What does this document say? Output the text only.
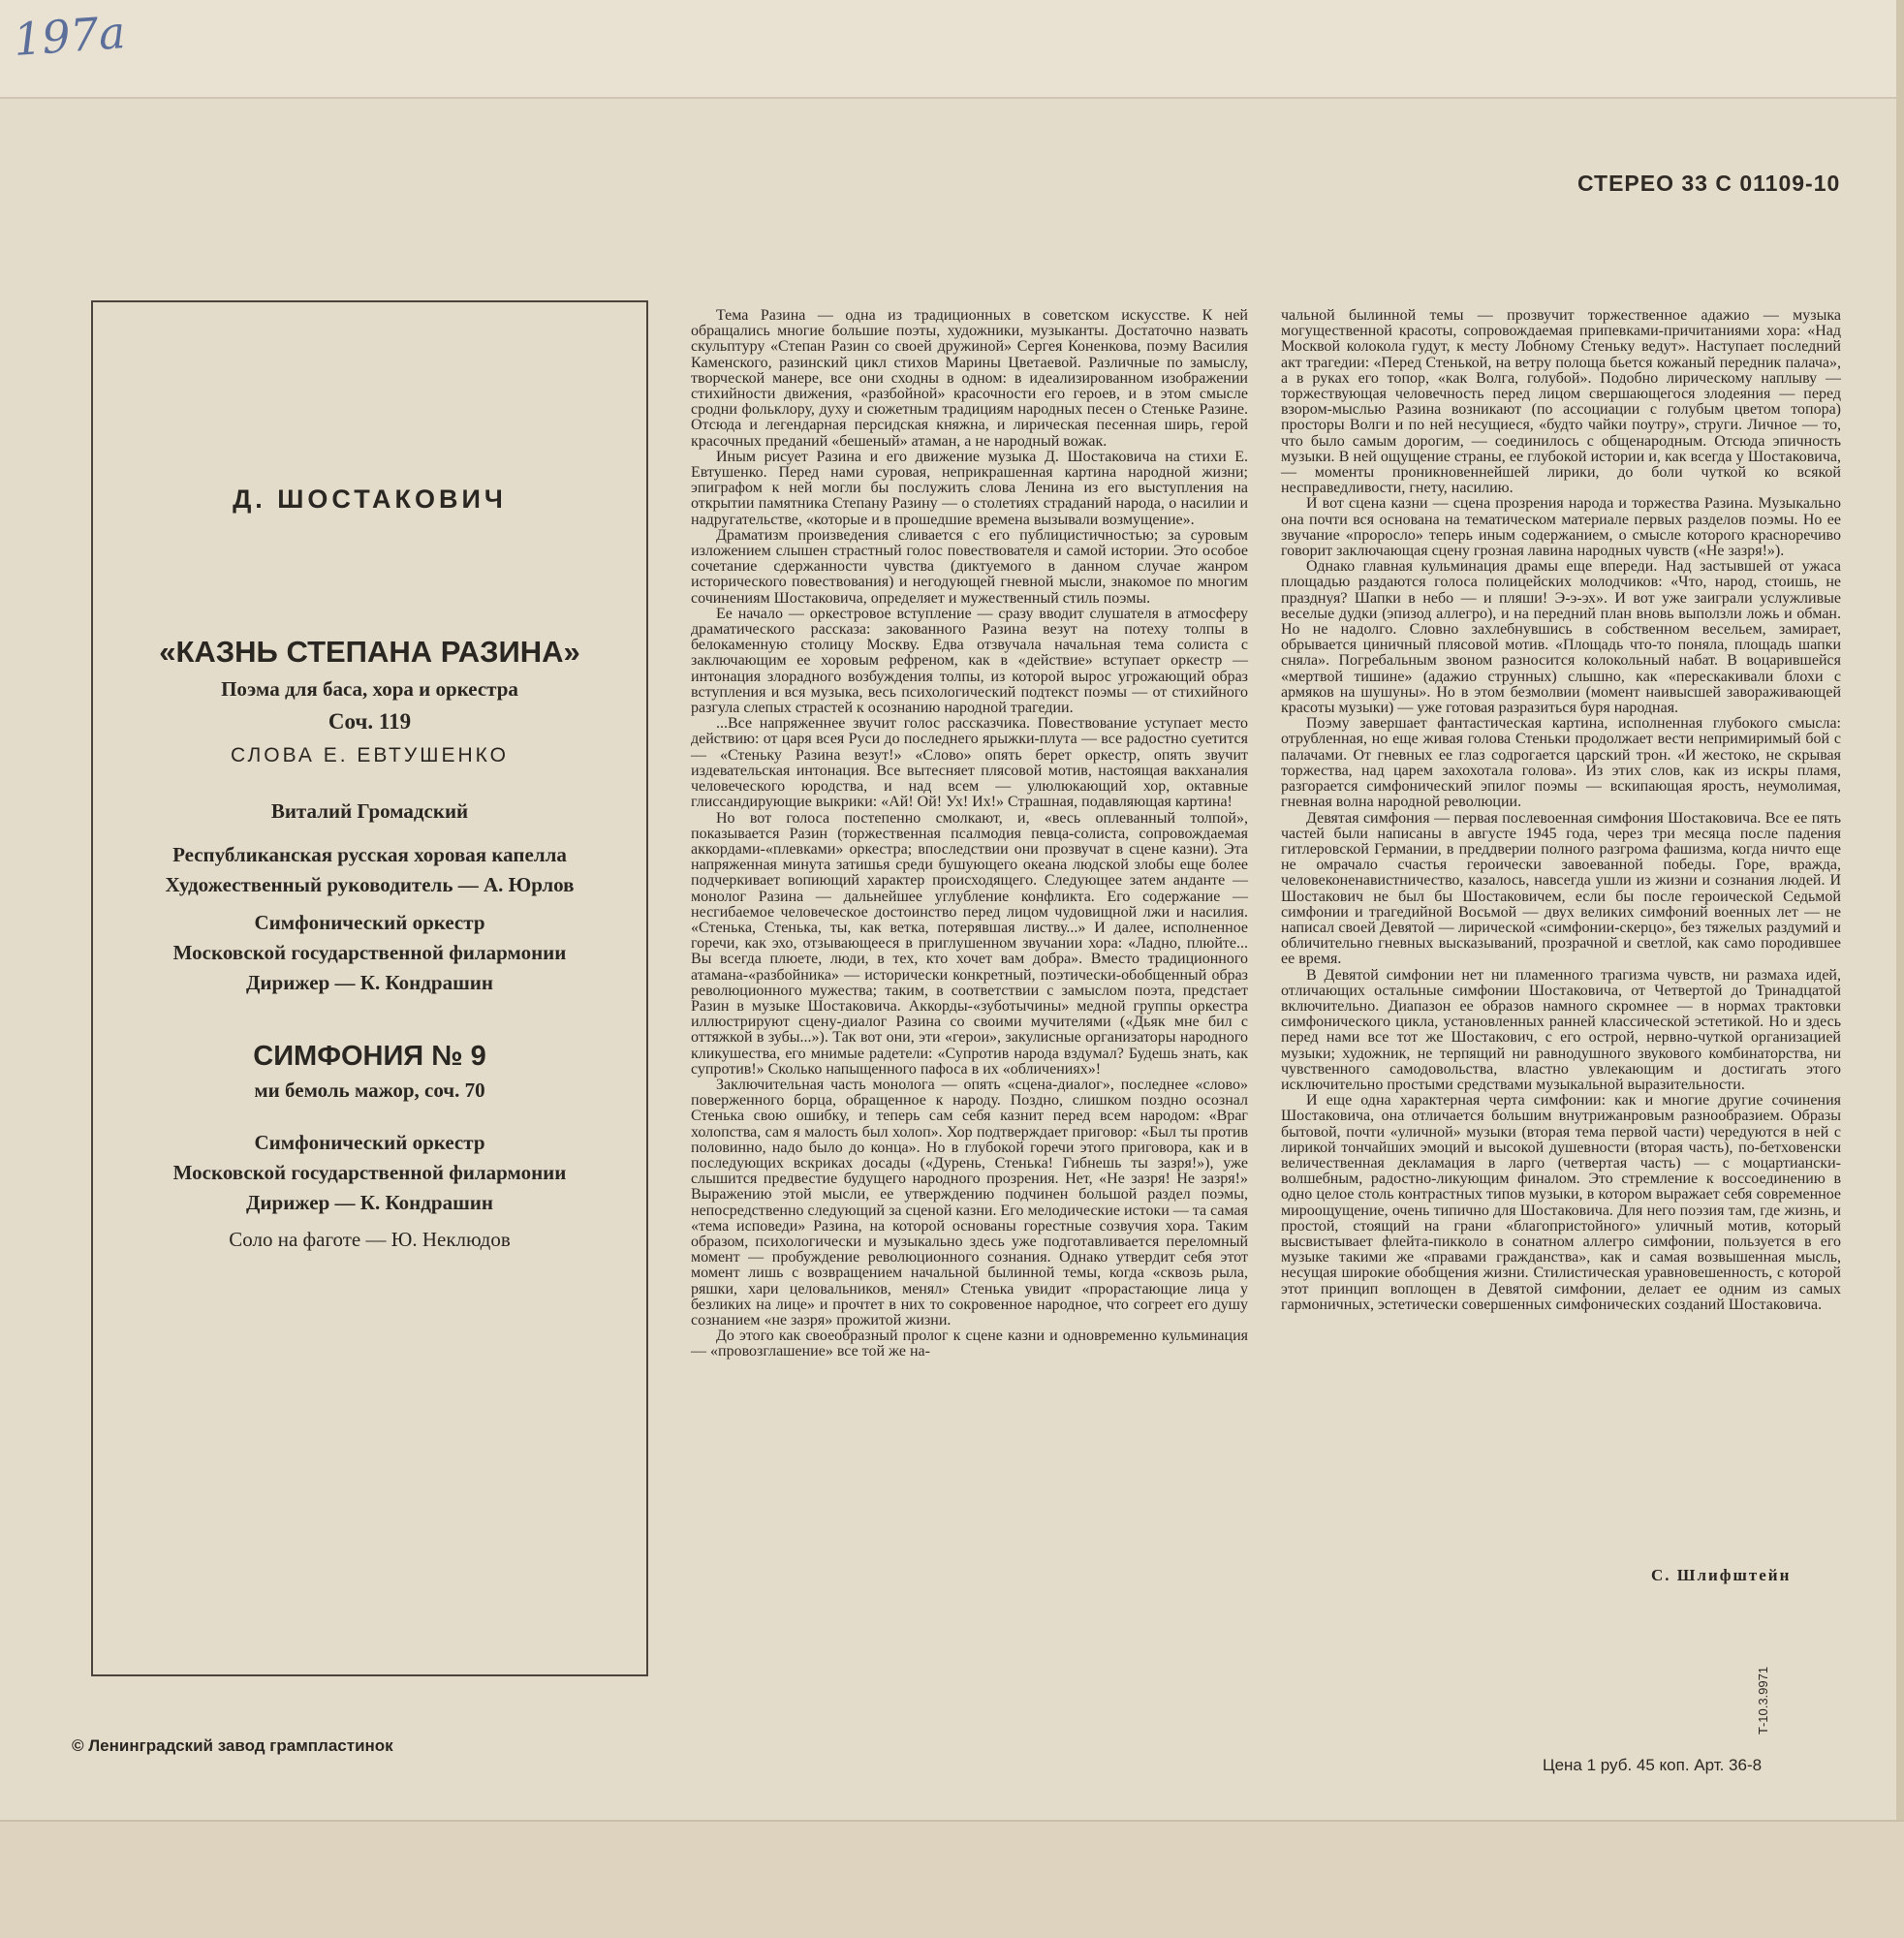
197a
СТЕРЕО 33 С 01109-10
Д. ШОСТАКОВИЧ
«КАЗНЬ СТЕПАНА РАЗИНА»
Поэма для баса, хора и оркестра
Соч. 119
СЛОВА Е. ЕВТУШЕНКО
Виталий Громадский
Республиканская русская хоровая капелла
Художественный руководитель — А. Юрлов
Симфонический оркестр
Московской государственной филармонии
Дирижер — К. Кондрашин
СИМФОНИЯ № 9
ми бемоль мажор, соч. 70
Симфонический оркестр
Московской государственной филармонии
Дирижер — К. Кондрашин
Соло на фаготе — Ю. Неклюдов

Тема Разина — одна из традиционных в советском искусстве. К ней обращались многие большие поэты, художники, музыканты. Достаточно назвать скульптуру «Степан Разин со своей дружиной» Сергея Коненкова, поэму Василия Каменского, разинский цикл стихов Марины Цветаевой. Различные по замыслу, творческой манере, все они сходны в одном: в идеализированном изображении стихийности движения, «разбойной» красочности его героев, и в этом смысле сродни фольклору, духу и сюжетным традициям народных песен о Стеньке Разине. Отсюда и легендарная персидская княжна, и лирическая песенная ширь, герой красочных преданий «бешеный» атаман, а не народный вожак.

Иным рисует Разина и его движение музыка Д. Шостаковича на стихи Е. Евтушенко. Перед нами суровая, неприкрашенная картина народной жизни; эпиграфом к ней могли бы послужить слова Ленина из его выступления на открытии памятника Степану Разину — о столетиях страданий народа, о насилии и надругательстве, «которые и в прошедшие времена вызывали возмущение».

Драматизм произведения сливается с его публицистичностью; за суровым изложением слышен страстный голос повествователя и самой истории. Это особое сочетание сдержанности чувства (диктуемого в данном случае жанром исторического повествования) и негодующей гневной мысли, знакомое по многим сочинениям Шостаковича, определяет и мужественный стиль поэмы.

Ее начало — оркестровое вступление — сразу вводит слушателя в атмосферу драматического рассказа: закованного Разина везут на потеху толпы в белокаменную столицу Москву. Едва отзвучала начальная тема солиста с заключающим ее хоровым рефреном, как в «действие» вступает оркестр — интонация злорадного возбуждения толпы, из которой вырос угрожающий образ вступления и вся музыка, весь психологический подтекст поэмы — от стихийного разгула слепых страстей к осознанию народной трагедии.

...Все напряженнее звучит голос рассказчика. Повествование уступает место действию: от царя всея Руси до последнего ярыжки-плута — все радостно суетится — «Стеньку Разина везут!» «Слово» опять берет оркестр, опять звучит издевательская интонация. Все вытесняет плясовой мотив, настоящая вакханалия человеческого юродства, и над всем — улюлюкающий хор, октавные глиссандирующие выкрики: «Ай! Ой! Ух! Их!» Страшная, подавляющая картина!

Но вот голоса постепенно смолкают, и, «весь оплеванный толпой», показывается Разин (торжественная псалмодия певца-солиста, сопровождаемая аккордами-«плевками» оркестра; впоследствии они прозвучат в сцене казни). Эта напряженная минута затишья среди бушующего океана людской злобы еще более подчеркивает вопиющий характер происходящего. Следующее затем анданте — монолог Разина — дальнейшее углубление конфликта. Его содержание — несгибаемое человеческое достоинство перед лицом чудовищной лжи и насилия. «Стенька, Стенька, ты, как ветка, потерявшая листву...» И далее, исполненное горечи, как эхо, отзывающееся в приглушенном звучании хора: «Ладно, плюйте... Вы всегда плюете, люди, в тех, кто хочет вам добра». Вместо традиционного атамана-«разбойника» — исторически конкретный, поэтически-обобщенный образ революционного мужества; таким, в соответствии с замыслом поэта, предстает Разин в музыке Шостаковича. Аккорды-«зуботычины» медной группы оркестра иллюстрируют сцену-диалог Разина со своими мучителями («Дьяк мне бил с оттяжкой в зубы...»). Так вот они, эти «герои», закулисные организаторы народного кликушества, его мнимые радетели: «Супротив народа вздумал? Будешь знать, как супротив!» Сколько напыщенного пафоса в их «обличениях»!

Заключительная часть монолога — опять «сцена-диалог», последнее «слово» поверженного борца, обращенное к народу. Поздно, слишком поздно осознал Стенька свою ошибку, и теперь сам себя казнит перед всем народом: «Враг холопства, сам я малость был холоп». Хор подтверждает приговор: «Был ты против половинно, надо было до конца». Но в глубокой горечи этого приговора, как и в последующих вскриках досады («Дурень, Стенька! Гибнешь ты зазря!»), уже слышится предвестие будущего народного прозрения. Нет, «Не зазря! Не зазря!» Выражению этой мысли, ее утверждению подчинен большой раздел поэмы, непосредственно следующий за сценой казни. Его мелодические истоки — та самая «тема исповеди» Разина, на которой основаны горестные созвучия хора. Таким образом, психологически и музыкально здесь уже подготавливается переломный момент — пробуждение революционного сознания. Однако утвердит себя этот момент лишь с возвращением начальной былинной темы, когда «сквозь рыла, ряшки, хари целовальников, менял» Стенька увидит «прорастающие лица у безликих на лице» и прочтет в них то сокровенное народное, что согреет его душу сознанием «не зазря» прожитой жизни.

До этого как своеобразный пролог к сцене казни и одновременно кульминация — «провозглашение» все той же на-

чальной былинной темы — прозвучит торжественное адажио — музыка могущественной красоты, сопровождаемая припевками-причитаниями хора: «Над Москвой колокола гудут, к месту Лобному Стеньку ведут». Наступает последний акт трагедии: «Перед Стенькой, на ветру полоща бьется кожаный передник палача», а в руках его топор, «как Волга, голубой». Подобно лирическому наплыву — торжествующая человечность перед лицом свершающегося злодеяния — перед взором-мыслью Разина возникают (по ассоциации с голубым цветом топора) просторы Волги и по ней несущиеся, «будто чайки поутру», струги. Личное — то, что было самым дорогим, — соединилось с общенародным. Отсюда эпичность музыки. В ней ощущение страны, ее глубокой истории и, как всегда у Шостаковича, — моменты проникновеннейшей лирики, до боли чуткой ко всякой несправедливости, гнету, насилию.

И вот сцена казни — сцена прозрения народа и торжества Разина. Музыкально она почти вся основана на тематическом материале первых разделов поэмы. Но ее звучание «проросло» теперь иным содержанием, о смысле которого красноречиво говорит заключающая сцену грозная лавина народных чувств («Не зазря!»).

Однако главная кульминация драмы еще впереди. Над застывшей от ужаса площадью раздаются голоса полицейских молодчиков: «Что, народ, стоишь, не празднуя? Шапки в небо — и пляши! Э-э-эх». И вот уже заиграли услужливые веселые дудки (эпизод аллегро), и на передний план вновь выползли ложь и обман. Но не надолго. Словно захлебнувшись в собственном весельем, замирает, обрывается циничный плясовой мотив. «Площадь что-то поняла, площадь шапки сняла». Погребальным звоном разносится колокольный набат. В воцарившейся «мертвой тишине» (адажио струнных) слышно, как «перескакивали блохи с армяков на шушуны». Но в этом безмолвии (момент наивысшей завораживающей красоты музыки) — уже готовая разразиться буря народная.

Поэму завершает фантастическая картина, исполненная глубокого смысла: отрубленная, но еще живая голова Стеньки продолжает вести непримиримый бой с палачами. От гневных ее глаз содрогается царский трон. «И жестоко, не скрывая торжества, над царем захохотала голова». Из этих слов, как из искры пламя, разгорается симфонический эпилог поэмы — вскипающая ярость, неумолимая, гневная волна народной революции.

Девятая симфония — первая послевоенная симфония Шостаковича. Все ее пять частей были написаны в августе 1945 года, через три месяца после падения гитлеровской Германии, в преддверии полного разгрома фашизма, когда ничто еще не омрачало счастья героически завоеванной победы. Горе, вражда, человеконенавистничество, казалось, навсегда ушли из жизни и сознания людей. И Шостакович не был бы Шостаковичем, если бы после героической Седьмой симфонии и трагедийной Восьмой — двух великих симфоний военных лет — не написал своей Девятой — лирической «симфонии-скерцо», без тяжелых раздумий и обличительно гневных высказываний, прозрачной и светлой, как само породившее ее время.

В Девятой симфонии нет ни пламенного трагизма чувств, ни размаха идей, отличающих остальные симфонии Шостаковича, от Четвертой до Тринадцатой включительно. Диапазон ее образов намного скромнее — в нормах трактовки симфонического цикла, установленных ранней классической эстетикой. Но и здесь перед нами все тот же Шостакович, с его острой, нервно-чуткой организацией музыки; художник, не терпящий ни равнодушного звукового комбинаторства, ни чувственного самодовольства, властно увлекающим и достигать этого исключительно простыми средствами музыкальной выразительности.

И еще одна характерная черта симфонии: как и многие другие сочинения Шостаковича, она отличается большим внутрижанровым разнообразием. Образы бытовой, почти «уличной» музыки (вторая тема первой части) чередуются в ней с лирикой тончайших эмоций и высокой душевности (вторая часть), по-бетховенски величественная декламация в ларго (четвертая часть) — с моцартиански-волшебным, радостно-ликующим финалом. Это стремление к воссоединению в одно целое столь контрастных типов музыки, в котором выражает себя современное мироощущение, очень типично для Шостаковича. Для него поэзия там, где жизнь, и простой, стоящий на грани «благопристойного» уличный мотив, который высвистывает флейта-пикколо в сонатном аллегро симфонии, пользуется в его музыке такими же «правами гражданства», как и самая возвышенная мысль, несущая широкие обобщения жизни. Стилистическая уравновешенность, с которой этот принцип воплощен в Девятой симфонии, делает ее одним из самых гармоничных, эстетически совершенных симфонических созданий Шостаковича.

С. Шлифштейн
Т-10.3.9971
© Ленинградский завод грампластинок
Цена 1 руб. 45 коп. Арт. 36-8
